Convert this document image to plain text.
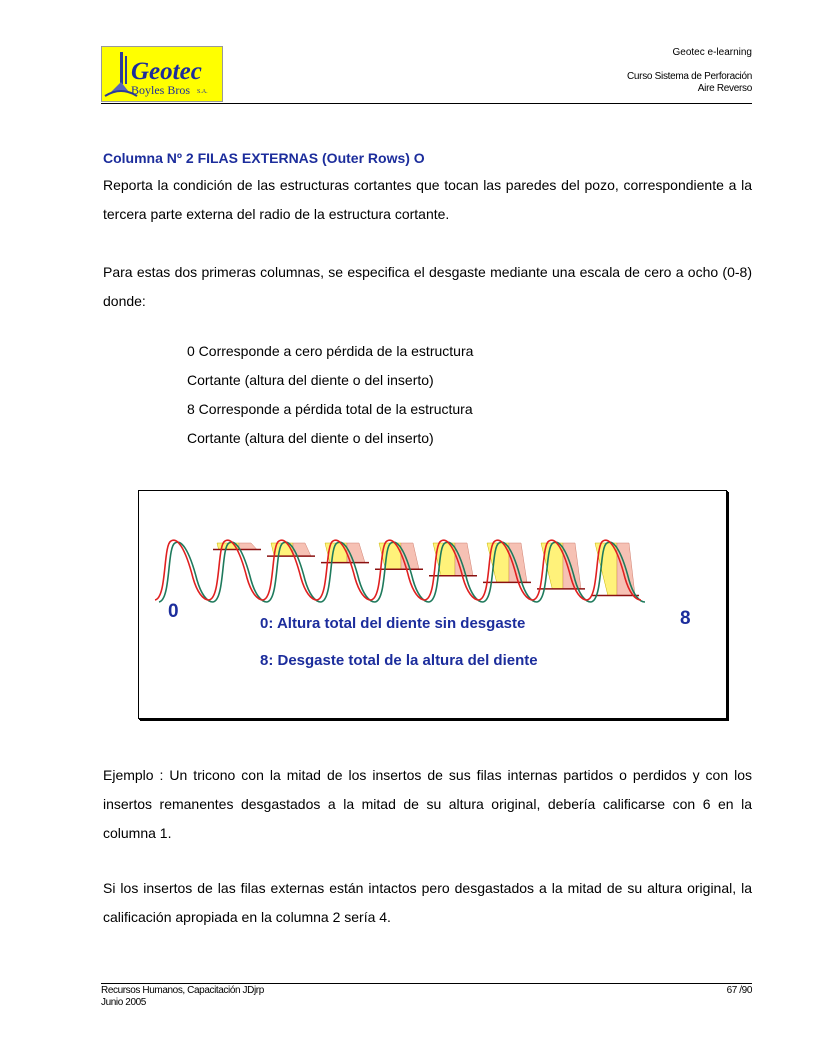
Geotec
Boyles Bros S.A.
Geotec e-learning
Curso Sistema de Perforación
Aire Reverso
Columna Nº 2 FILAS EXTERNAS (Outer Rows) O
Reporta la condición de las estructuras cortantes que tocan las paredes del pozo, correspondiente a la tercera parte externa del radio de la estructura cortante.
Para estas dos primeras columnas, se especifica el desgaste mediante una escala de cero a ocho (0-8) donde:
0 Corresponde a cero pérdida de la estructura
Cortante (altura del diente o del inserto)
8 Corresponde a pérdida total de la estructura
Cortante (altura del diente o del inserto)
0	8
0: Altura total del diente sin desgaste
8: Desgaste total de la altura del diente
Ejemplo : Un tricono con la mitad de los insertos de sus filas internas partidos o perdidos y con los insertos remanentes desgastados a la mitad de su altura original, debería calificarse con 6 en la columna 1.
Si los insertos de las filas externas están intactos pero desgastados a la mitad de su altura original, la calificación apropiada en la columna 2 sería 4.
Recursos Humanos, Capacitación JDjrp
Junio 2005
67 /90
